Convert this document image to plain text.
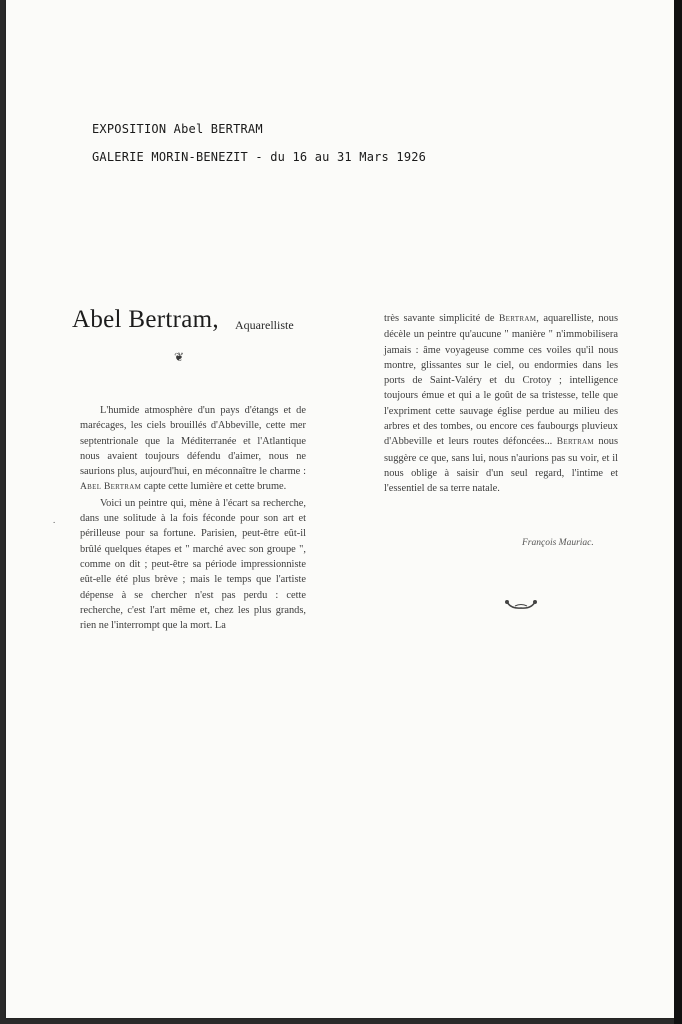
EXPOSITION Abel BERTRAM
GALERIE MORIN-BENEZIT - du 16 au 31 Mars 1926
Abel Bertram, Aquarelliste
❦
.

L'humide atmosphère d'un pays d'étangs et de marécages, les ciels brouillés d'Abbeville, cette mer septentrionale que la Méditerranée et l'Atlantique nous avaient toujours défendu d'aimer, nous ne saurions plus, aujourd'hui, en méconnaître le charme : Abel Bertram capte cette lumière et cette brume.

Voici un peintre qui, mène à l'écart sa recherche, dans une solitude à la fois féconde pour son art et périlleuse pour sa fortune. Parisien, peut-être eût-il brûlé quelques étapes et " marché avec son groupe ", comme on dit ; peut-être sa période impressionniste eût-elle été plus brève ; mais le temps que l'artiste dépense à se chercher n'est pas perdu : cette recherche, c'est l'art même et, chez les plus grands, rien ne l'interrompt que la mort. La

très savante simplicité de Bertram, aquarelliste, nous décèle un peintre qu'aucune " manière " n'immobilisera jamais : âme voyageuse comme ces voiles qu'il nous montre, glissantes sur le ciel, ou endormies dans les ports de Saint-Valéry et du Crotoy ; intelligence toujours émue et qui a le goût de sa tristesse, telle que l'expriment cette sauvage église perdue au milieu des arbres et des tombes, ou encore ces faubourgs pluvieux d'Abbeville et leurs routes défoncées... Bertram nous suggère ce que, sans lui, nous n'aurions pas su voir, et il nous oblige à saisir d'un seul regard, l'intime et l'essentiel de sa terre natale.

François Mauriac.
